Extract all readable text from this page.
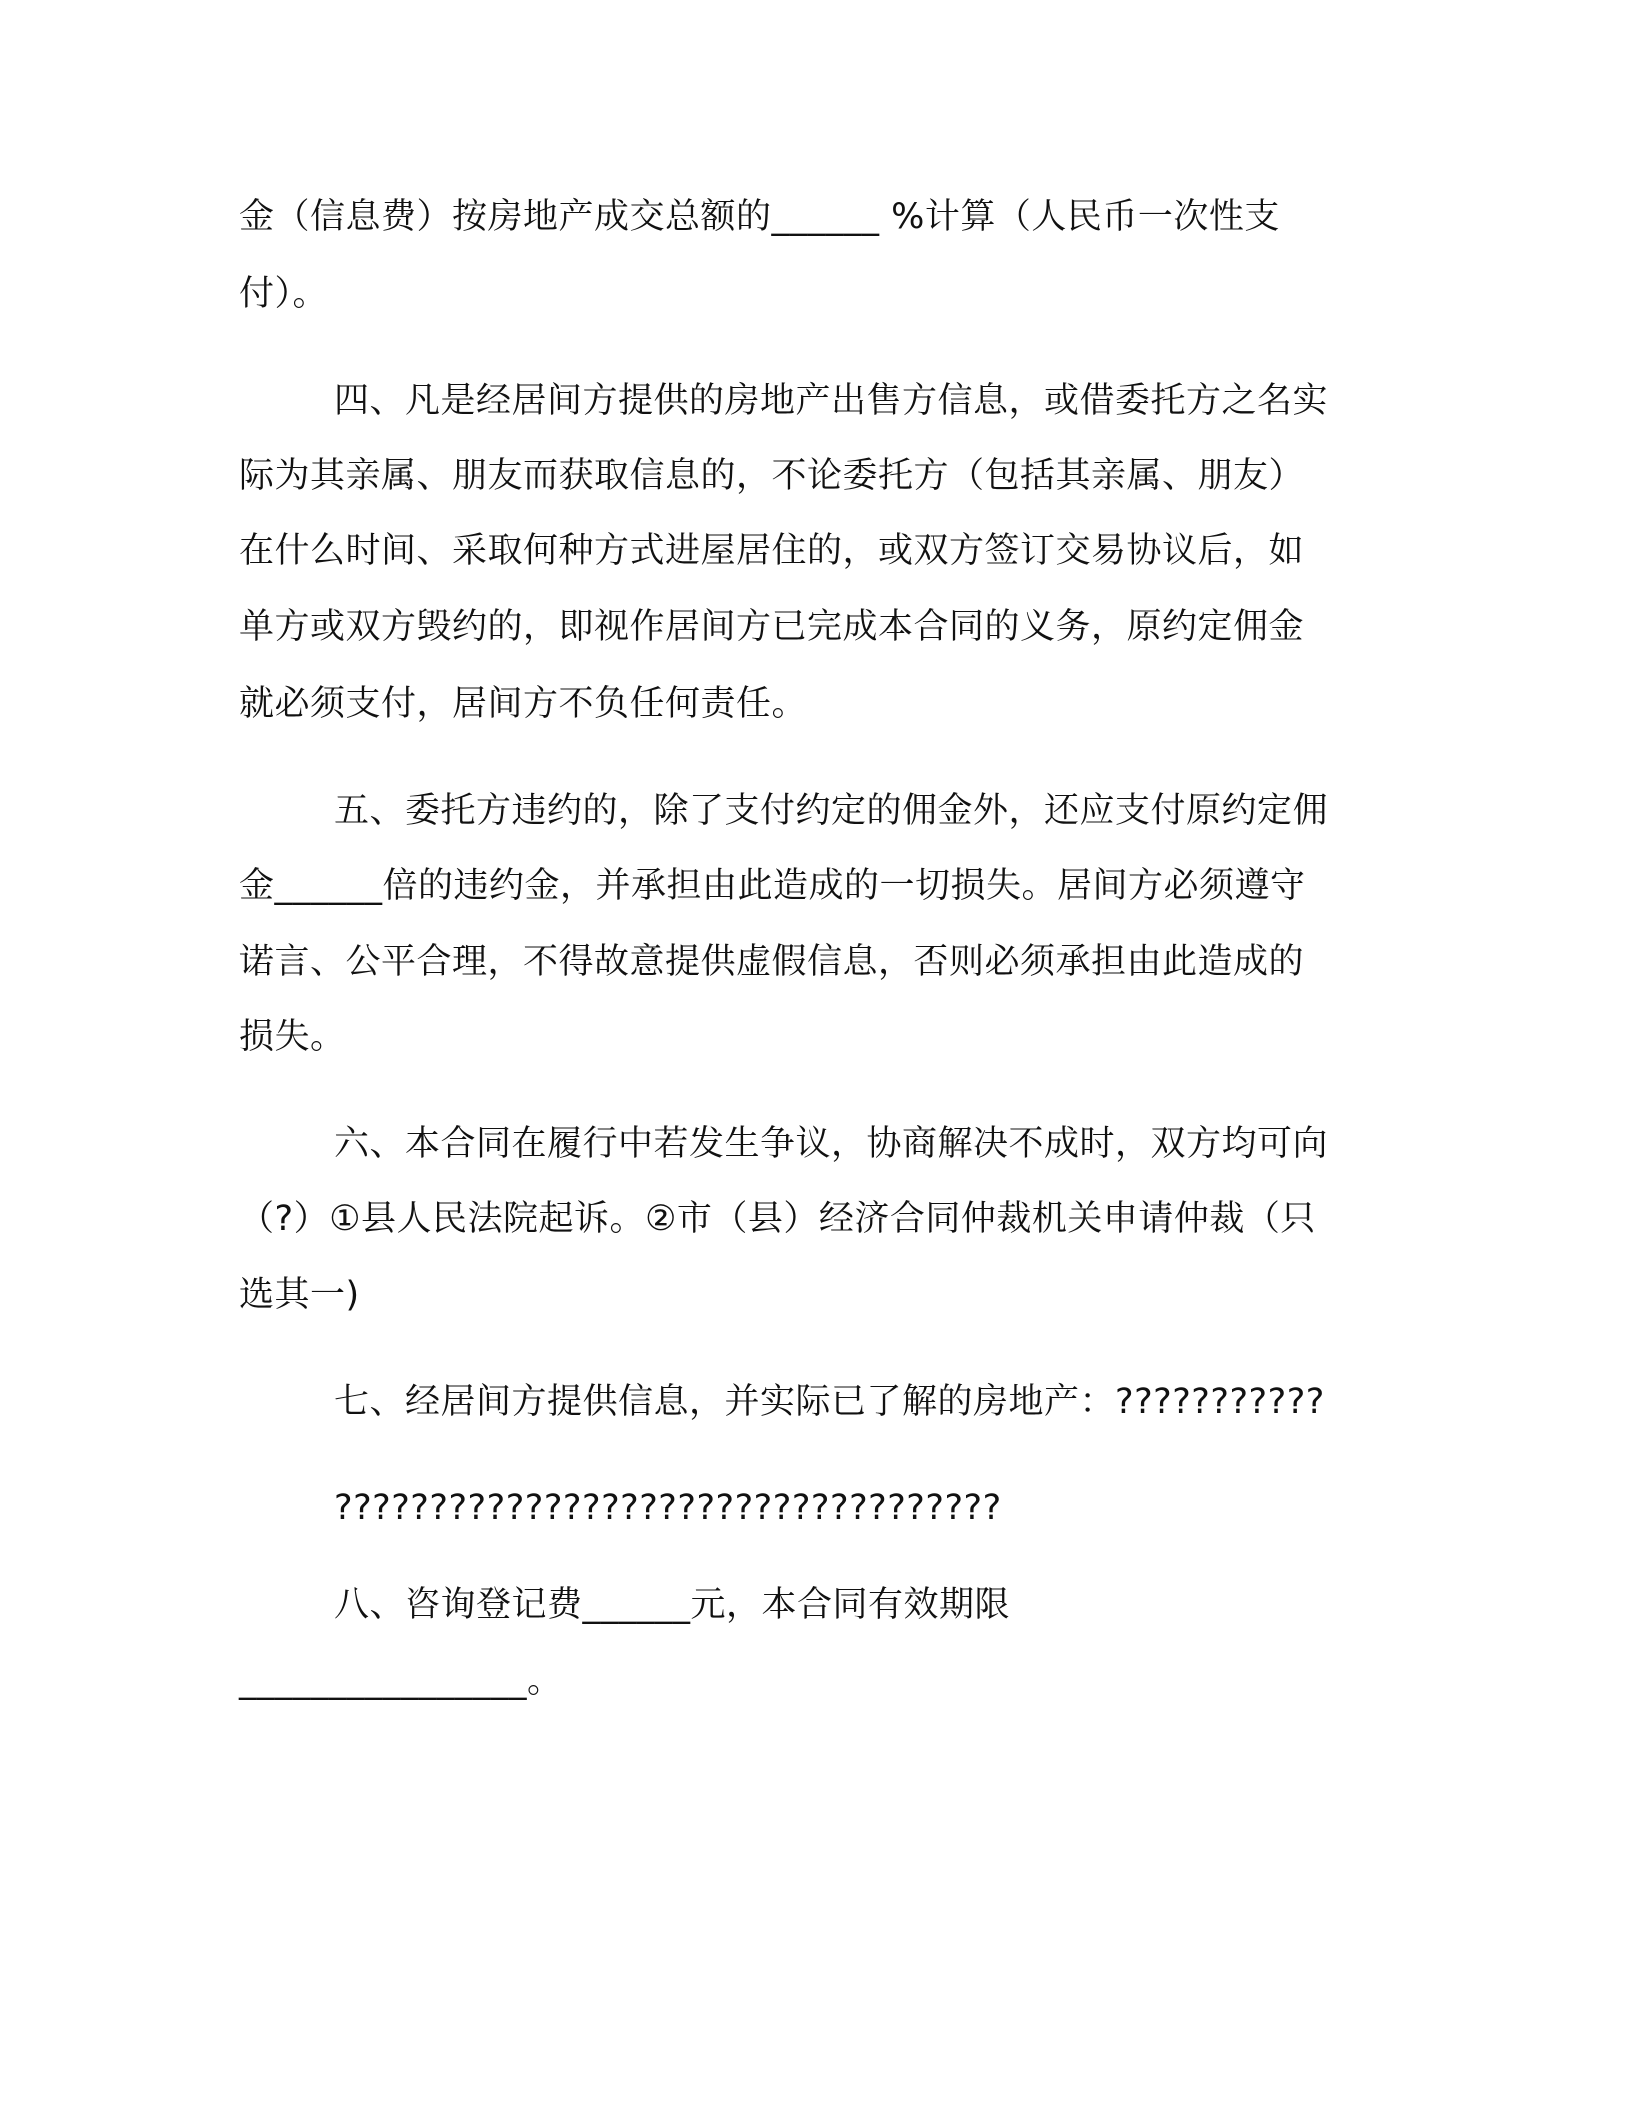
金（信息费）按房地产成交总额的______ %计算（人民币一次性支

付）。

四、凡是经居间方提供的房地产出售方信息，或借委托方之名实

际为其亲属、朋友而获取信息的，不论委托方（包括其亲属、朋友）

在什么时间、采取何种方式进屋居住的，或双方签订交易协议后，如

单方或双方毁约的，即视作居间方已完成本合同的义务，原约定佣金

就必须支付，居间方不负任何责任。

五、委托方违约的，除了支付约定的佣金外，还应支付原约定佣

金______倍的违约金，并承担由此造成的一切损失。居间方必须遵守

诺言、公平合理，不得故意提供虚假信息，否则必须承担由此造成的

损失。

六、本合同在履行中若发生争议，协商解决不成时，双方均可向

（?）①县人民法院起诉。②市（县）经济合同仲裁机关申请仲裁（只

选其一)

七、经居间方提供信息，并实际已了解的房地产：???????????

???????????????????????????????????

八、咨询登记费______元，本合同有效期限

________________。
